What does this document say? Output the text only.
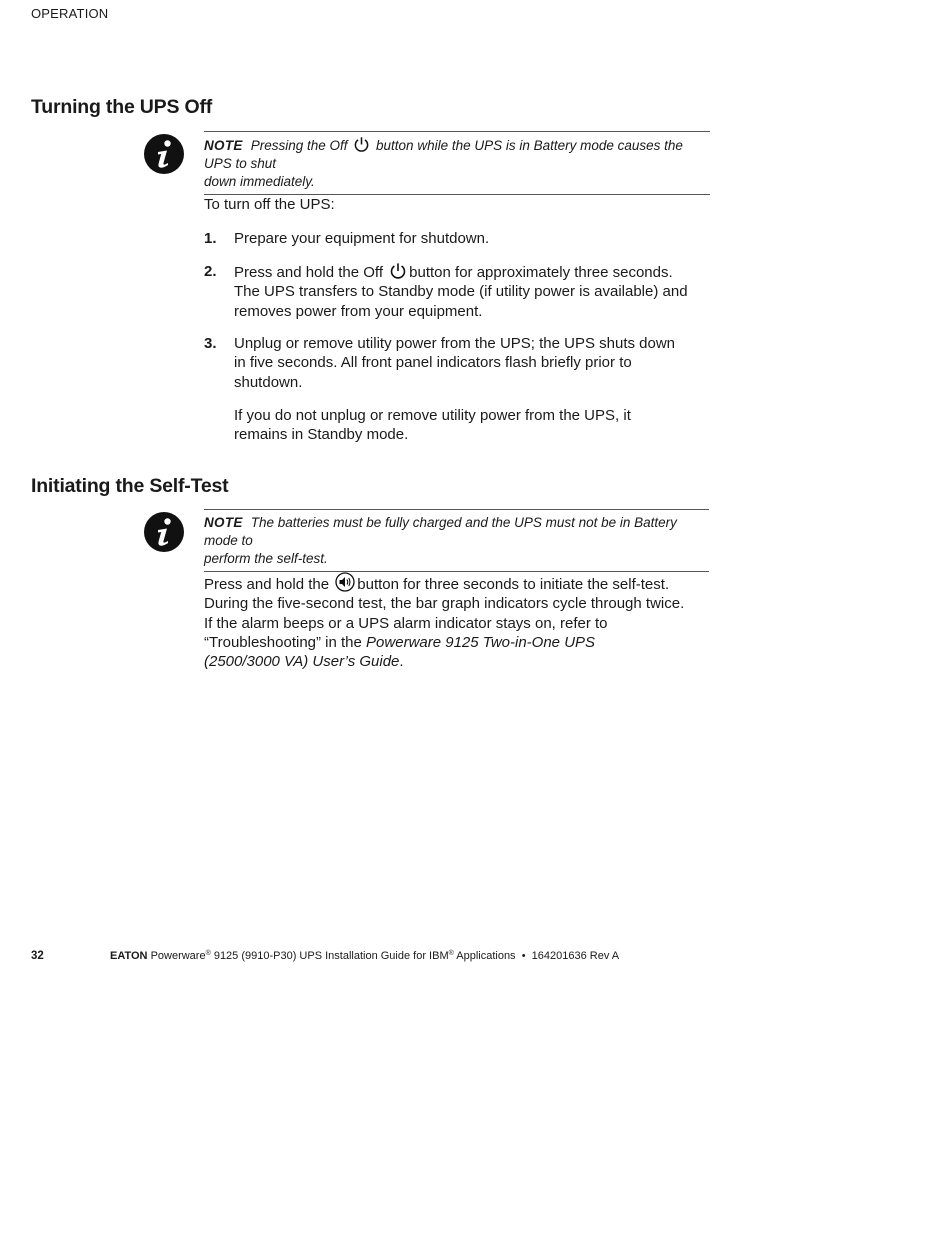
OPERATION
Turning the UPS Off
NOTE Pressing the Off button while the UPS is in Battery mode causes the UPS to shut
down immediately.
To turn off the UPS:
1. Prepare your equipment for shutdown.
2. Press and hold the Off button for approximately three seconds.
The UPS transfers to Standby mode (if utility power is available) and
removes power from your equipment.
3. Unplug or remove utility power from the UPS; the UPS shuts down
in five seconds. All front panel indicators flash briefly prior to
shutdown.
If you do not unplug or remove utility power from the UPS, it
remains in Standby mode.
Initiating the Self-Test
NOTE The batteries must be fully charged and the UPS must not be in Battery mode to
perform the self-test.
Press and hold the button for three seconds to initiate the self-test.
During the five-second test, the bar graph indicators cycle through twice.
If the alarm beeps or a UPS alarm indicator stays on, refer to
“Troubleshooting” in the Powerware 9125 Two-in-One UPS
(2500/3000 VA) User’s Guide.
32	EATON Powerware® 9125 (9910-P30) UPS Installation Guide for IBM® Applications • 164201636 Rev A
